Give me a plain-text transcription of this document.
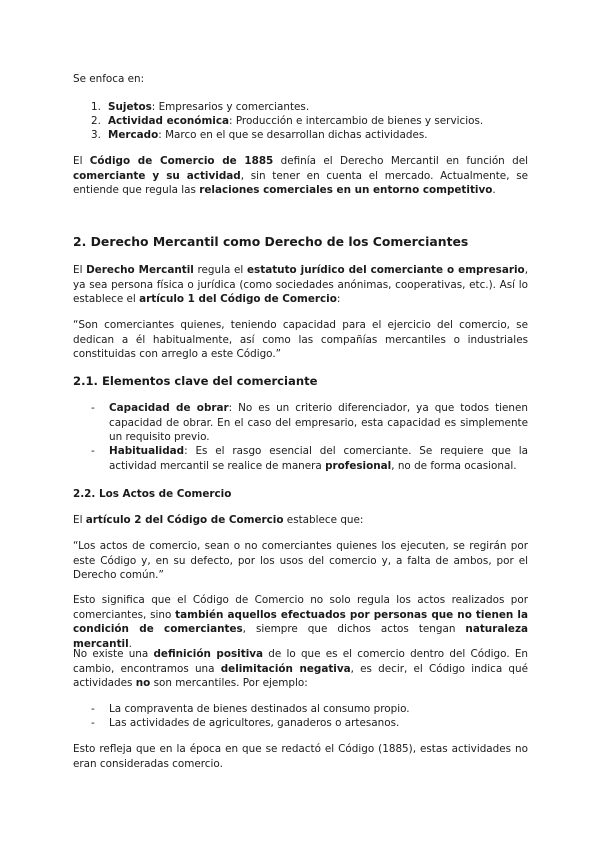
Se enfoca en:

1. Sujetos: Empresarios y comerciantes.

2. Actividad económica: Producción e intercambio de bienes y servicios.

3. Mercado: Marco en el que se desarrollan dichas actividades.

El Código de Comercio de 1885 definía el Derecho Mercantil en función del comerciante y su actividad, sin tener en cuenta el mercado. Actualmente, se entiende que regula las relaciones comerciales en un entorno competitivo.

2. Derecho Mercantil como Derecho de los Comerciantes

El Derecho Mercantil regula el estatuto jurídico del comerciante o empresario, ya sea persona física o jurídica (como sociedades anónimas, cooperativas, etc.). Así lo establece el artículo 1 del Código de Comercio:

“Son comerciantes quienes, teniendo capacidad para el ejercicio del comercio, se dedican a él habitualmente, así como las compañías mercantiles o industriales constituidas con arreglo a este Código.”

2.1. Elementos clave del comerciante
- Capacidad de obrar: No es un criterio diferenciador, ya que todos tienen capacidad de obrar. En el caso del empresario, esta capacidad es simplemente un requisito previo.
- Habitualidad: Es el rasgo esencial del comerciante. Se requiere que la actividad mercantil se realice de manera profesional, no de forma ocasional.
2.2. Los Actos de Comercio

El artículo 2 del Código de Comercio establece que:

“Los actos de comercio, sean o no comerciantes quienes los ejecuten, se regirán por este Código y, en su defecto, por los usos del comercio y, a falta de ambos, por el Derecho común.”

Esto significa que el Código de Comercio no solo regula los actos realizados por comerciantes, sino también aquellos efectuados por personas que no tienen la condición de comerciantes, siempre que dichos actos tengan naturaleza mercantil.

No existe una definición positiva de lo que es el comercio dentro del Código. En cambio, encontramos una delimitación negativa, es decir, el Código indica qué actividades no son mercantiles. Por ejemplo:

- La compraventa de bienes destinados al consumo propio.
- Las actividades de agricultores, ganaderos o artesanos.

Esto refleja que en la época en que se redactó el Código (1885), estas actividades no eran consideradas comercio.
